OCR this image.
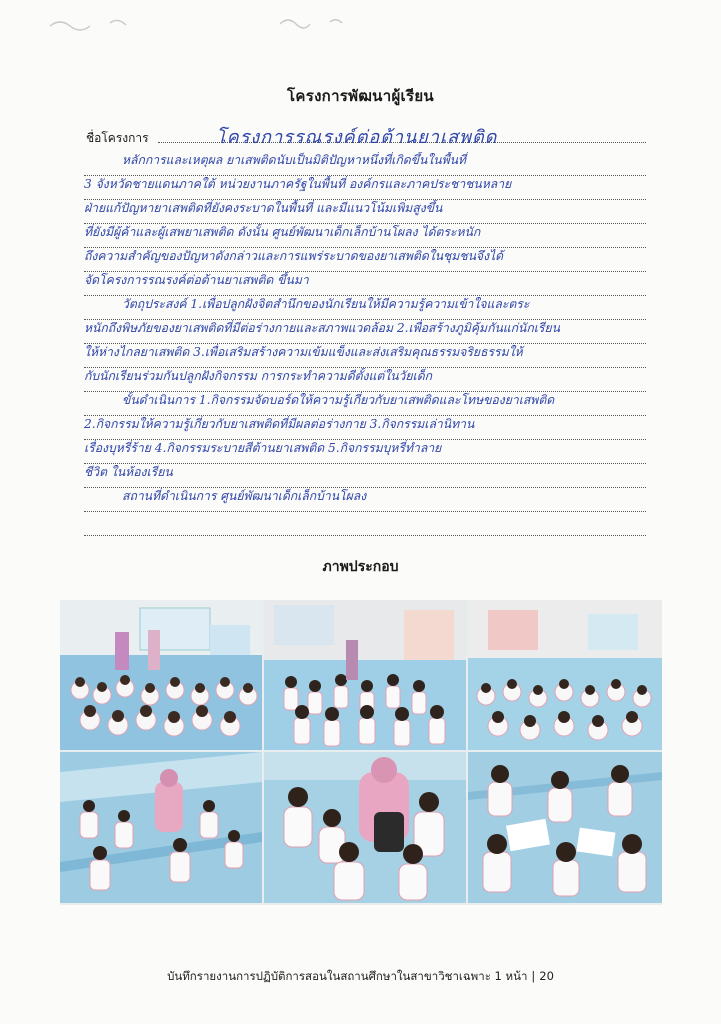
โครงการพัฒนาผู้เรียน
ชื่อโครงการ	โครงการรณรงค์ต่อต้านยาเสพติด
หลักการและเหตุผล ยาเสพติดนับเป็นมิติปัญหาหนึ่งที่เกิดขึ้นในพื้นที่
3 จังหวัดชายแดนภาคใต้ หน่วยงานภาครัฐในพื้นที่ องค์กรและภาคประชาชนหลาย
ฝ่ายแก้ปัญหายาเสพติดที่ยังคงระบาดในพื้นที่ และมีแนวโน้มเพิ่มสูงขึ้น
ที่ยังมีผู้ค้าและผู้เสพยาเสพติด ดังนั้น ศูนย์พัฒนาเด็กเล็กบ้านโผลง ได้ตระหนัก
ถึงความสำคัญของปัญหาดังกล่าวและการแพร่ระบาดของยาเสพติดในชุมชนจึงได้
จัดโครงการรณรงค์ต่อต้านยาเสพติด ขึ้นมา
วัตถุประสงค์ 1.เพื่อปลูกฝังจิตสำนึกของนักเรียนให้มีความรู้ความเข้าใจและตระ
หนักถึงพิษภัยของยาเสพติดที่มีต่อร่างกายและสภาพแวดล้อม 2.เพื่อสร้างภูมิคุ้มกันแก่นักเรียน
ให้ห่างไกลยาเสพติด 3.เพื่อเสริมสร้างความเข้มแข็งและส่งเสริมคุณธรรมจริยธรรมให้
กับนักเรียนร่วมกันปลูกฝังกิจกรรม การกระทำความดีตั้งแต่ในวัยเด็ก
ขั้นดำเนินการ 1.กิจกรรมจัดบอร์ดให้ความรู้เกี่ยวกับยาเสพติดและโทษของยาเสพติด
2.กิจกรรมให้ความรู้เกี่ยวกับยาเสพติดที่มีผลต่อร่างกาย 3.กิจกรรมเล่านิทาน
เรื่องบุหรี่ร้าย 4.กิจกรรมระบายสีต้านยาเสพติด 5.กิจกรรมบุหรี่ทำลาย
ชีวิต ในห้องเรียน
สถานที่ดำเนินการ ศูนย์พัฒนาเด็กเล็กบ้านโผลง
ภาพประกอบ
บันทึกรายงานการปฏิบัติการสอนในสถานศึกษาในสาขาวิชาเฉพาะ 1 หน้า | 20
